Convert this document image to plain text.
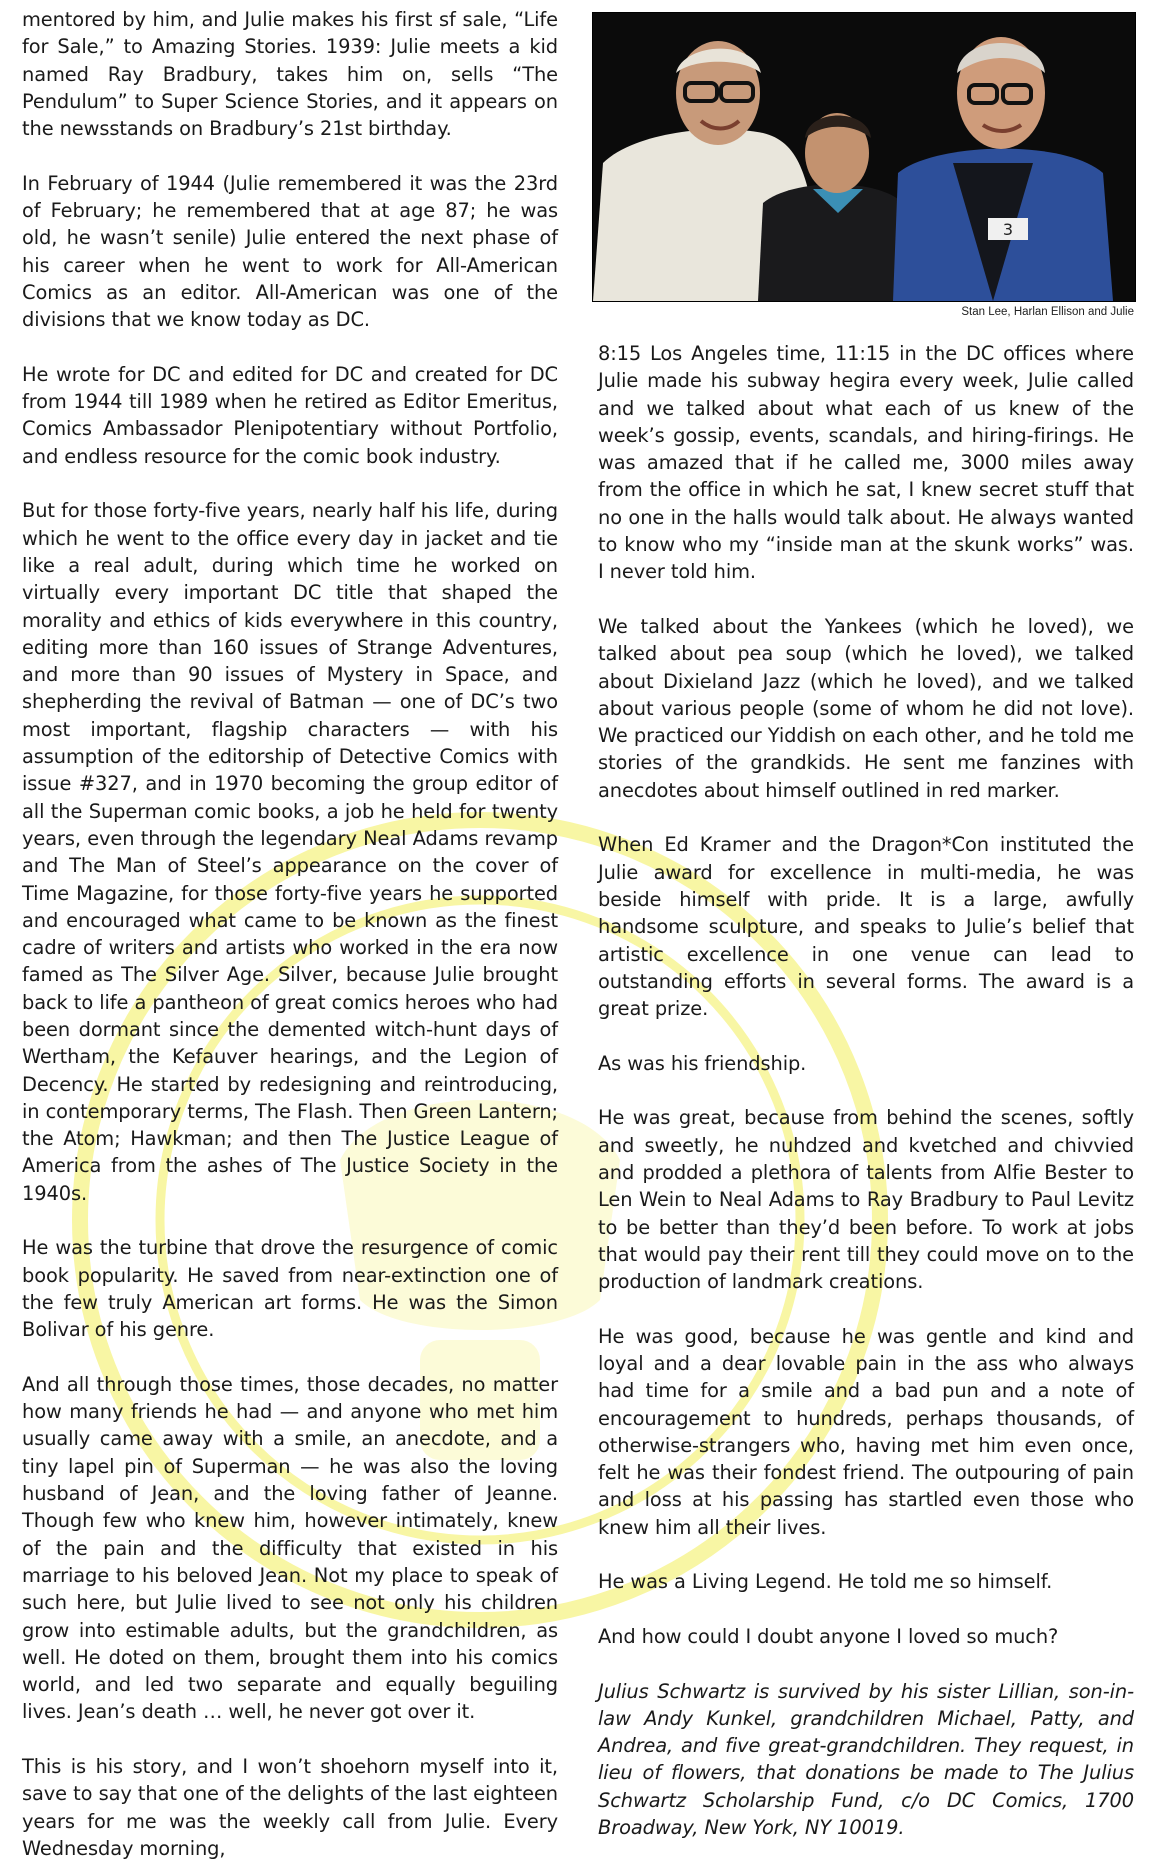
3
Stan Lee, Harlan Ellison and Julie

mentored by him, and Julie makes his first sf sale, “Life for Sale,” to Amazing Stories. 1939: Julie meets a kid named Ray Bradbury, takes him on, sells “The Pendulum” to Super Science Stories, and it appears on the newsstands on Bradbury’s 21st birthday.

In February of 1944 (Julie remembered it was the 23rd of February; he remembered that at age 87; he was old, he wasn’t senile) Julie entered the next phase of his career when he went to work for All-American Comics as an editor. All-American was one of the divisions that we know today as DC.

He wrote for DC and edited for DC and created for DC from 1944 till 1989 when he retired as Editor Emeritus, Comics Ambassador Plenipotentiary without Portfolio, and endless resource for the comic book industry.

But for those forty-five years, nearly half his life, during which he went to the office every day in jacket and tie like a real adult, during which time he worked on virtually every important DC title that shaped the morality and ethics of kids everywhere in this country, editing more than 160 issues of Strange Adventures, and more than 90 issues of Mystery in Space, and shepherding the revival of Batman — one of DC’s two most important, flagship characters — with his assumption of the editorship of Detective Comics with issue #327, and in 1970 becoming the group editor of all the Superman comic books, a job he held for twenty years, even through the legendary Neal Adams revamp and The Man of Steel’s appearance on the cover of Time Magazine, for those forty-five years he supported and encouraged what came to be known as the finest cadre of writers and artists who worked in the era now famed as The Silver Age. Silver, because Julie brought back to life a pantheon of great comics heroes who had been dormant since the demented witch-hunt days of Wertham, the Kefauver hearings, and the Legion of Decency. He started by redesigning and reintroducing, in contemporary terms, The Flash. Then Green Lantern; the Atom; Hawkman; and then The Justice League of America from the ashes of The Justice Society in the 1940s.

He was the turbine that drove the resurgence of comic book popularity. He saved from near-extinction one of the few truly American art forms. He was the Simon Bolivar of his genre.

And all through those times, those decades, no matter how many friends he had — and anyone who met him usually came away with a smile, an anecdote, and a tiny lapel pin of Superman — he was also the loving husband of Jean, and the loving father of Jeanne. Though few who knew him, however intimately, knew of the pain and the difficulty that existed in his marriage to his beloved Jean. Not my place to speak of such here, but Julie lived to see not only his children grow into estimable adults, but the grandchildren, as well. He doted on them, brought them into his comics world, and led two separate and equally beguiling lives. Jean’s death … well, he never got over it.

This is his story, and I won’t shoehorn myself into it, save to say that one of the delights of the last eighteen years for me was the weekly call from Julie. Every Wednesday morning,

8:15 Los Angeles time, 11:15 in the DC offices where Julie made his subway hegira every week, Julie called and we talked about what each of us knew of the week’s gossip, events, scandals, and hiring-firings. He was amazed that if he called me, 3000 miles away from the office in which he sat, I knew secret stuff that no one in the halls would talk about. He always wanted to know who my “inside man at the skunk works” was. I never told him.

We talked about the Yankees (which he loved), we talked about pea soup (which he loved), we talked about Dixieland Jazz (which he loved), and we talked about various people (some of whom he did not love). We practiced our Yiddish on each other, and he told me stories of the grandkids. He sent me fanzines with anecdotes about himself outlined in red marker.

When Ed Kramer and the Dragon*Con instituted the Julie award for excellence in multi-media, he was beside himself with pride. It is a large, awfully handsome sculpture, and speaks to Julie’s belief that artistic excellence in one venue can lead to outstanding efforts in several forms. The award is a great prize.

As was his friendship.

He was great, because from behind the scenes, softly and sweetly, he nuhdzed and kvetched and chivvied and prodded a plethora of talents from Alfie Bester to Len Wein to Neal Adams to Ray Bradbury to Paul Levitz to be better than they’d been before. To work at jobs that would pay their rent till they could move on to the production of landmark creations.

He was good, because he was gentle and kind and loyal and a dear lovable pain in the ass who always had time for a smile and a bad pun and a note of encouragement to hundreds, perhaps thousands, of otherwise-strangers who, having met him even once, felt he was their fondest friend. The outpouring of pain and loss at his passing has startled even those who knew him all their lives.

He was a Living Legend. He told me so himself.

And how could I doubt anyone I loved so much?

Julius Schwartz is survived by his sister Lillian, son-in-law Andy Kunkel, grandchildren Michael, Patty, and Andrea, and five great-grandchildren. They request, in lieu of flowers, that donations be made to The Julius Schwartz Scholarship Fund, c/o DC Comics, 1700 Broadway, New York, NY 10019.
